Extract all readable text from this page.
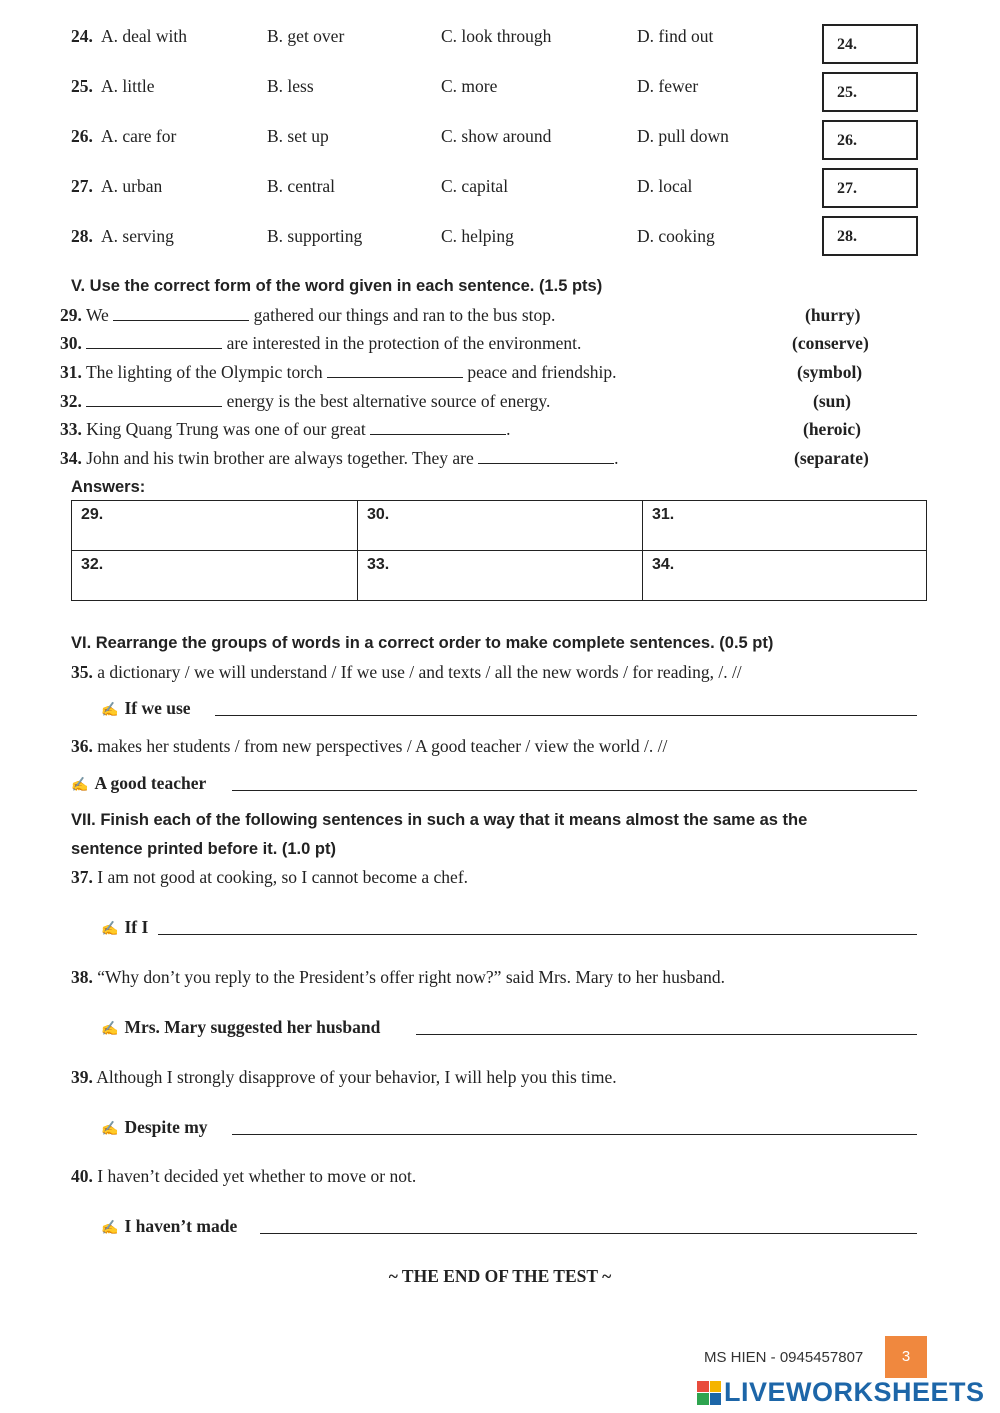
24. A. deal with	B. get over	C. look through	D. find out	24.
25. A. little	B. less	C. more	D. fewer	25.
26. A. care for	B. set up	C. show around	D. pull down	26.
27. A. urban	B. central	C. capital	D. local	27.
28. A. serving	B. supporting	C. helping	D. cooking	28.
V. Use the correct form of the word given in each sentence. (1.5 pts)
29. We	gathered our things and ran to the bus stop.	(hurry)
30.	are interested in the protection of the environment.	(conserve)
31. The lighting of the Olympic torch	peace and friendship.	(symbol)
32.	energy is the best alternative source of energy.	(sun)
33. King Quang Trung was one of our great	.	(heroic)
34. John and his twin brother are always together. They are	.	(separate)
Answers:
29.	30.	31.
32.	33.	34.
VI. Rearrange the groups of words in a correct order to make complete sentences. (0.5 pt)
35. a dictionary / we will understand / If we use / and texts / all the new words / for reading, /. //
✍ If we use
36. makes her students / from new perspectives / A good teacher / view the world /. //
✍ A good teacher
VII. Finish each of the following sentences in such a way that it means almost the same as the
sentence printed before it. (1.0 pt)
37. I am not good at cooking, so I cannot become a chef.
✍ If I
38. “Why don’t you reply to the President’s offer right now?” said Mrs. Mary to her husband.
✍ Mrs. Mary suggested her husband
39. Although I strongly disapprove of your behavior, I will help you this time.
✍ Despite my
40. I haven’t decided yet whether to move or not.
✍ I haven’t made
~ THE END OF THE TEST ~
MS HIEN - 0945457807	3
LIVEWORKSHEETS
